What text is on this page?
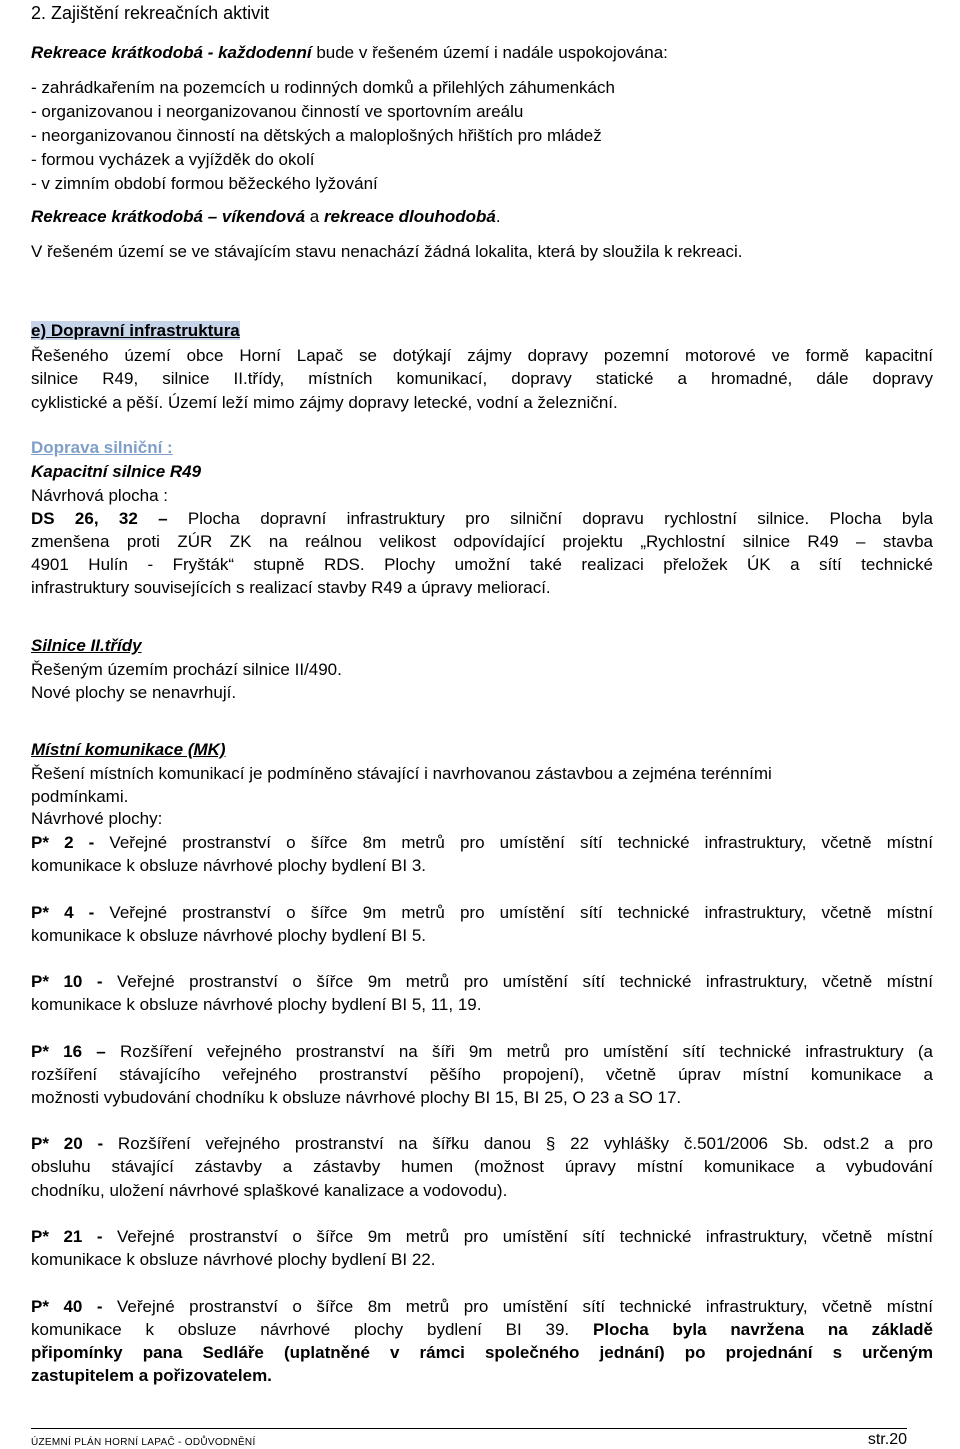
2. Zajištění rekreačních aktivit
Rekreace krátkodobá - každodenní bude v řešeném území i nadále uspokojována:
- zahrádkařením na pozemcích u rodinných domků a přilehlých záhumenkách
- organizovanou i neorganizovanou činností ve sportovním areálu
- neorganizovanou činností na dětských a maloplošných hřištích pro mládež
- formou vycházek a vyjížděk do okolí
- v zimním období formou běžeckého lyžování
Rekreace krátkodobá – víkendová a rekreace dlouhodobá.
V řešeném území se ve stávajícím stavu nenachází žádná lokalita, která by sloužila k rekreaci.
e) Dopravní infrastruktura
Řešeného území obce Horní Lapač se dotýkají zájmy dopravy pozemní motorové ve formě kapacitní
silnice R49, silnice II.třídy, místních komunikací, dopravy statické a hromadné, dále dopravy
cyklistické a pěší. Území leží mimo zájmy dopravy letecké, vodní a železniční.
Doprava silniční :
Kapacitní silnice R49
Návrhová plocha :
DS 26, 32 – Plocha dopravní infrastruktury pro silniční dopravu rychlostní silnice. Plocha byla
zmenšena proti ZÚR ZK na reálnou velikost odpovídající projektu „Rychlostní silnice R49 – stavba
4901 Hulín - Fryšták“ stupně RDS. Plochy umožní také realizaci přeložek ÚK a sítí technické
infrastruktury souvisejících s realizací stavby R49 a úpravy meliorací.
Silnice II.třídy
Řešeným územím prochází silnice II/490.
Nové plochy se nenavrhují.
Místní komunikace (MK)
Řešení místních komunikací je podmíněno stávající i navrhovanou zástavbou a zejména terénními
podmínkami.
Návrhové plochy:
P* 2 - Veřejné prostranství o šířce 8m metrů pro umístění sítí technické infrastruktury, včetně místní
komunikace k obsluze návrhové plochy bydlení BI 3.
P* 4 - Veřejné prostranství o šířce 9m metrů pro umístění sítí technické infrastruktury, včetně místní
komunikace k obsluze návrhové plochy bydlení BI 5.
P* 10 - Veřejné prostranství o šířce 9m metrů pro umístění sítí technické infrastruktury, včetně místní
komunikace k obsluze návrhové plochy bydlení BI 5, 11, 19.
P* 16 – Rozšíření veřejného prostranství na šíři 9m metrů pro umístění sítí technické infrastruktury (a
rozšíření stávajícího veřejného prostranství pěšího propojení), včetně úprav místní komunikace a
možnosti vybudování chodníku k obsluze návrhové plochy BI 15, BI 25, O 23 a SO 17.
P* 20 - Rozšíření veřejného prostranství na šířku danou § 22 vyhlášky č.501/2006 Sb. odst.2 a pro
obsluhu stávající zástavby a zástavby humen (možnost úpravy místní komunikace a vybudování
chodníku, uložení návrhové splaškové kanalizace a vodovodu).
P* 21 - Veřejné prostranství o šířce 9m metrů pro umístění sítí technické infrastruktury, včetně místní
komunikace k obsluze návrhové plochy bydlení BI 22.
P* 40 - Veřejné prostranství o šířce 8m metrů pro umístění sítí technické infrastruktury, včetně místní
komunikace k obsluze návrhové plochy bydlení BI 39. Plocha byla navržena na základě
připomínky pana Sedláře (uplatněné v rámci společného jednání) po projednání s určeným
zastupitelem a pořizovatelem.
ÚZEMNÍ PLÁN HORNÍ LAPAČ - ODŮVODNĚNÍ	str.20
